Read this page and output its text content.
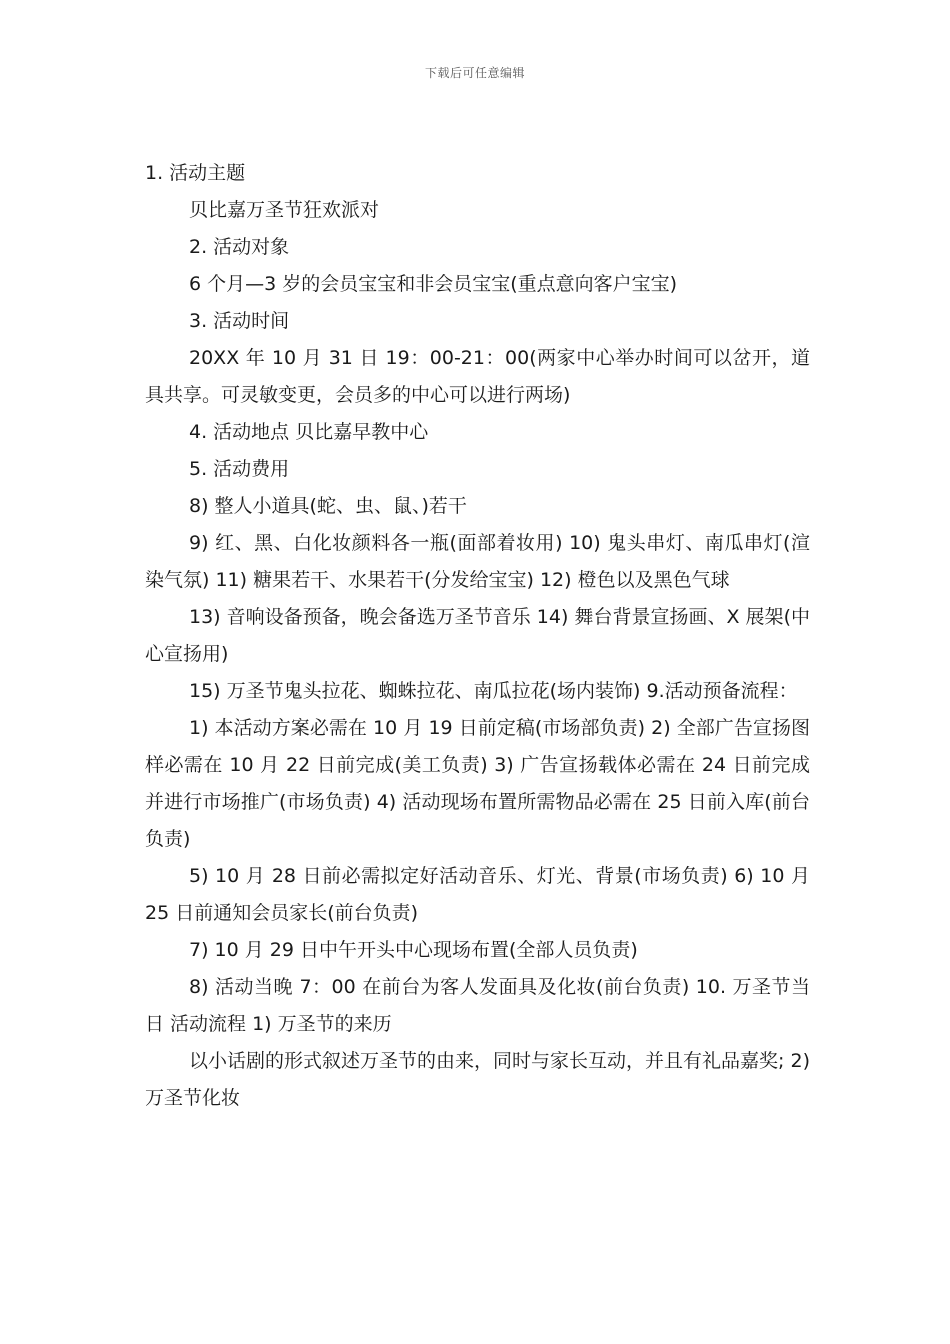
下载后可任意编辑

1. 活动主题

贝比嘉万圣节狂欢派对

2. 活动对象

6 个月—3 岁的会员宝宝和非会员宝宝(重点意向客户宝宝)

3. 活动时间

20XX 年 10 月 31 日 19：00-21：00(两家中心举办时间可以岔开，道具共享。可灵敏变更，会员多的中心可以进行两场)

4. 活动地点 贝比嘉早教中心

5. 活动费用

8) 整人小道具(蛇、虫、鼠、)若干

9) 红、黑、白化妆颜料各一瓶(面部着妆用) 10) 鬼头串灯、南瓜串灯(渲染气氛) 11) 糖果若干、水果若干(分发给宝宝) 12) 橙色以及黑色气球

13) 音响设备预备，晚会备选万圣节音乐 14) 舞台背景宣扬画、X 展架(中心宣扬用)

15) 万圣节鬼头拉花、蜘蛛拉花、南瓜拉花(场内装饰) 9.活动预备流程：

1) 本活动方案必需在 10 月 19 日前定稿(市场部负责) 2) 全部广告宣扬图样必需在 10 月 22 日前完成(美工负责) 3) 广告宣扬载体必需在 24 日前完成并进行市场推广(市场负责) 4) 活动现场布置所需物品必需在 25 日前入库(前台负责)

5) 10 月 28 日前必需拟定好活动音乐、灯光、背景(市场负责) 6) 10 月 25 日前通知会员家长(前台负责)

7) 10 月 29 日中午开头中心现场布置(全部人员负责)

8) 活动当晚 7：00 在前台为客人发面具及化妆(前台负责) 10. 万圣节当日 活动流程 1) 万圣节的来历

以小话剧的形式叙述万圣节的由来，同时与家长互动，并且有礼品嘉奖; 2)万圣节化妆
